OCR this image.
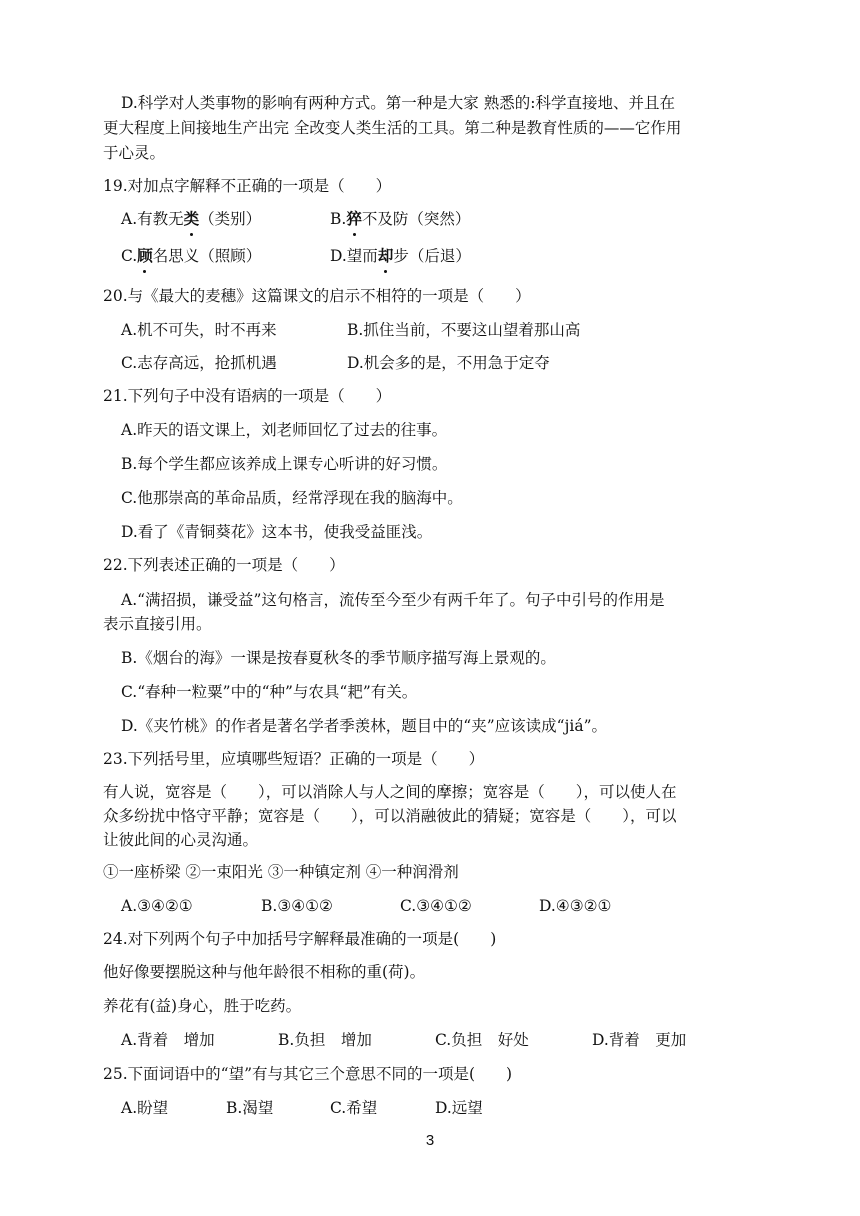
D.科学对人类事物的影响有两种方式。第一种是大家 熟悉的:科学直接地、并且在
更大程度上间接地生产出完 全改变人类生活的工具。第二种是教育性质的——它作用
于心灵。
19.对加点字解释不正确的一项是（　　）
A.有教无类（类别）	B.猝不及防（突然）
C.顾名思义（照顾）	D.望而却步（后退）
20.与《最大的麦穗》这篇课文的启示不相符的一项是（　　）
A.机不可失，时不再来	B.抓住当前，不要这山望着那山高
C.志存高远，抢抓机遇	D.机会多的是，不用急于定夺
21.下列句子中没有语病的一项是（　　）
A.昨天的语文课上，刘老师回忆了过去的往事。
B.每个学生都应该养成上课专心听讲的好习惯。
C.他那崇高的革命品质，经常浮现在我的脑海中。
D.看了《青铜葵花》这本书，使我受益匪浅。
22.下列表述正确的一项是（　　）
A.“满招损，谦受益”这句格言，流传至今至少有两千年了。句子中引号的作用是
表示直接引用。
B.《烟台的海》一课是按春夏秋冬的季节顺序描写海上景观的。
C.“春种一粒粟”中的“种”与农具“耙”有关。
D.《夹竹桃》的作者是著名学者季羡林，题目中的“夹”应该读成“jiá”。
23.下列括号里，应填哪些短语？正确的一项是（　　）
有人说，宽容是（　　），可以消除人与人之间的摩擦；宽容是（　　），可以使人在
众多纷扰中恪守平静；宽容是（　　），可以消融彼此的猜疑；宽容是（　　），可以
让彼此间的心灵沟通。
①一座桥梁 ②一束阳光 ③一种镇定剂 ④一种润滑剂
A.③④②①	B.③④①②	C.③④①②	D.④③②①
24.对下列两个句子中加括号字解释最准确的一项是(　　)
他好像要摆脱这种与他年龄很不相称的重(荷)。
养花有(益)身心，胜于吃药。
A.背着　增加	B.负担　增加	C.负担　好处	D.背着　更加
25.下面词语中的“望”有与其它三个意思不同的一项是(　　)
A.盼望	B.渴望	C.希望	D.远望
3
